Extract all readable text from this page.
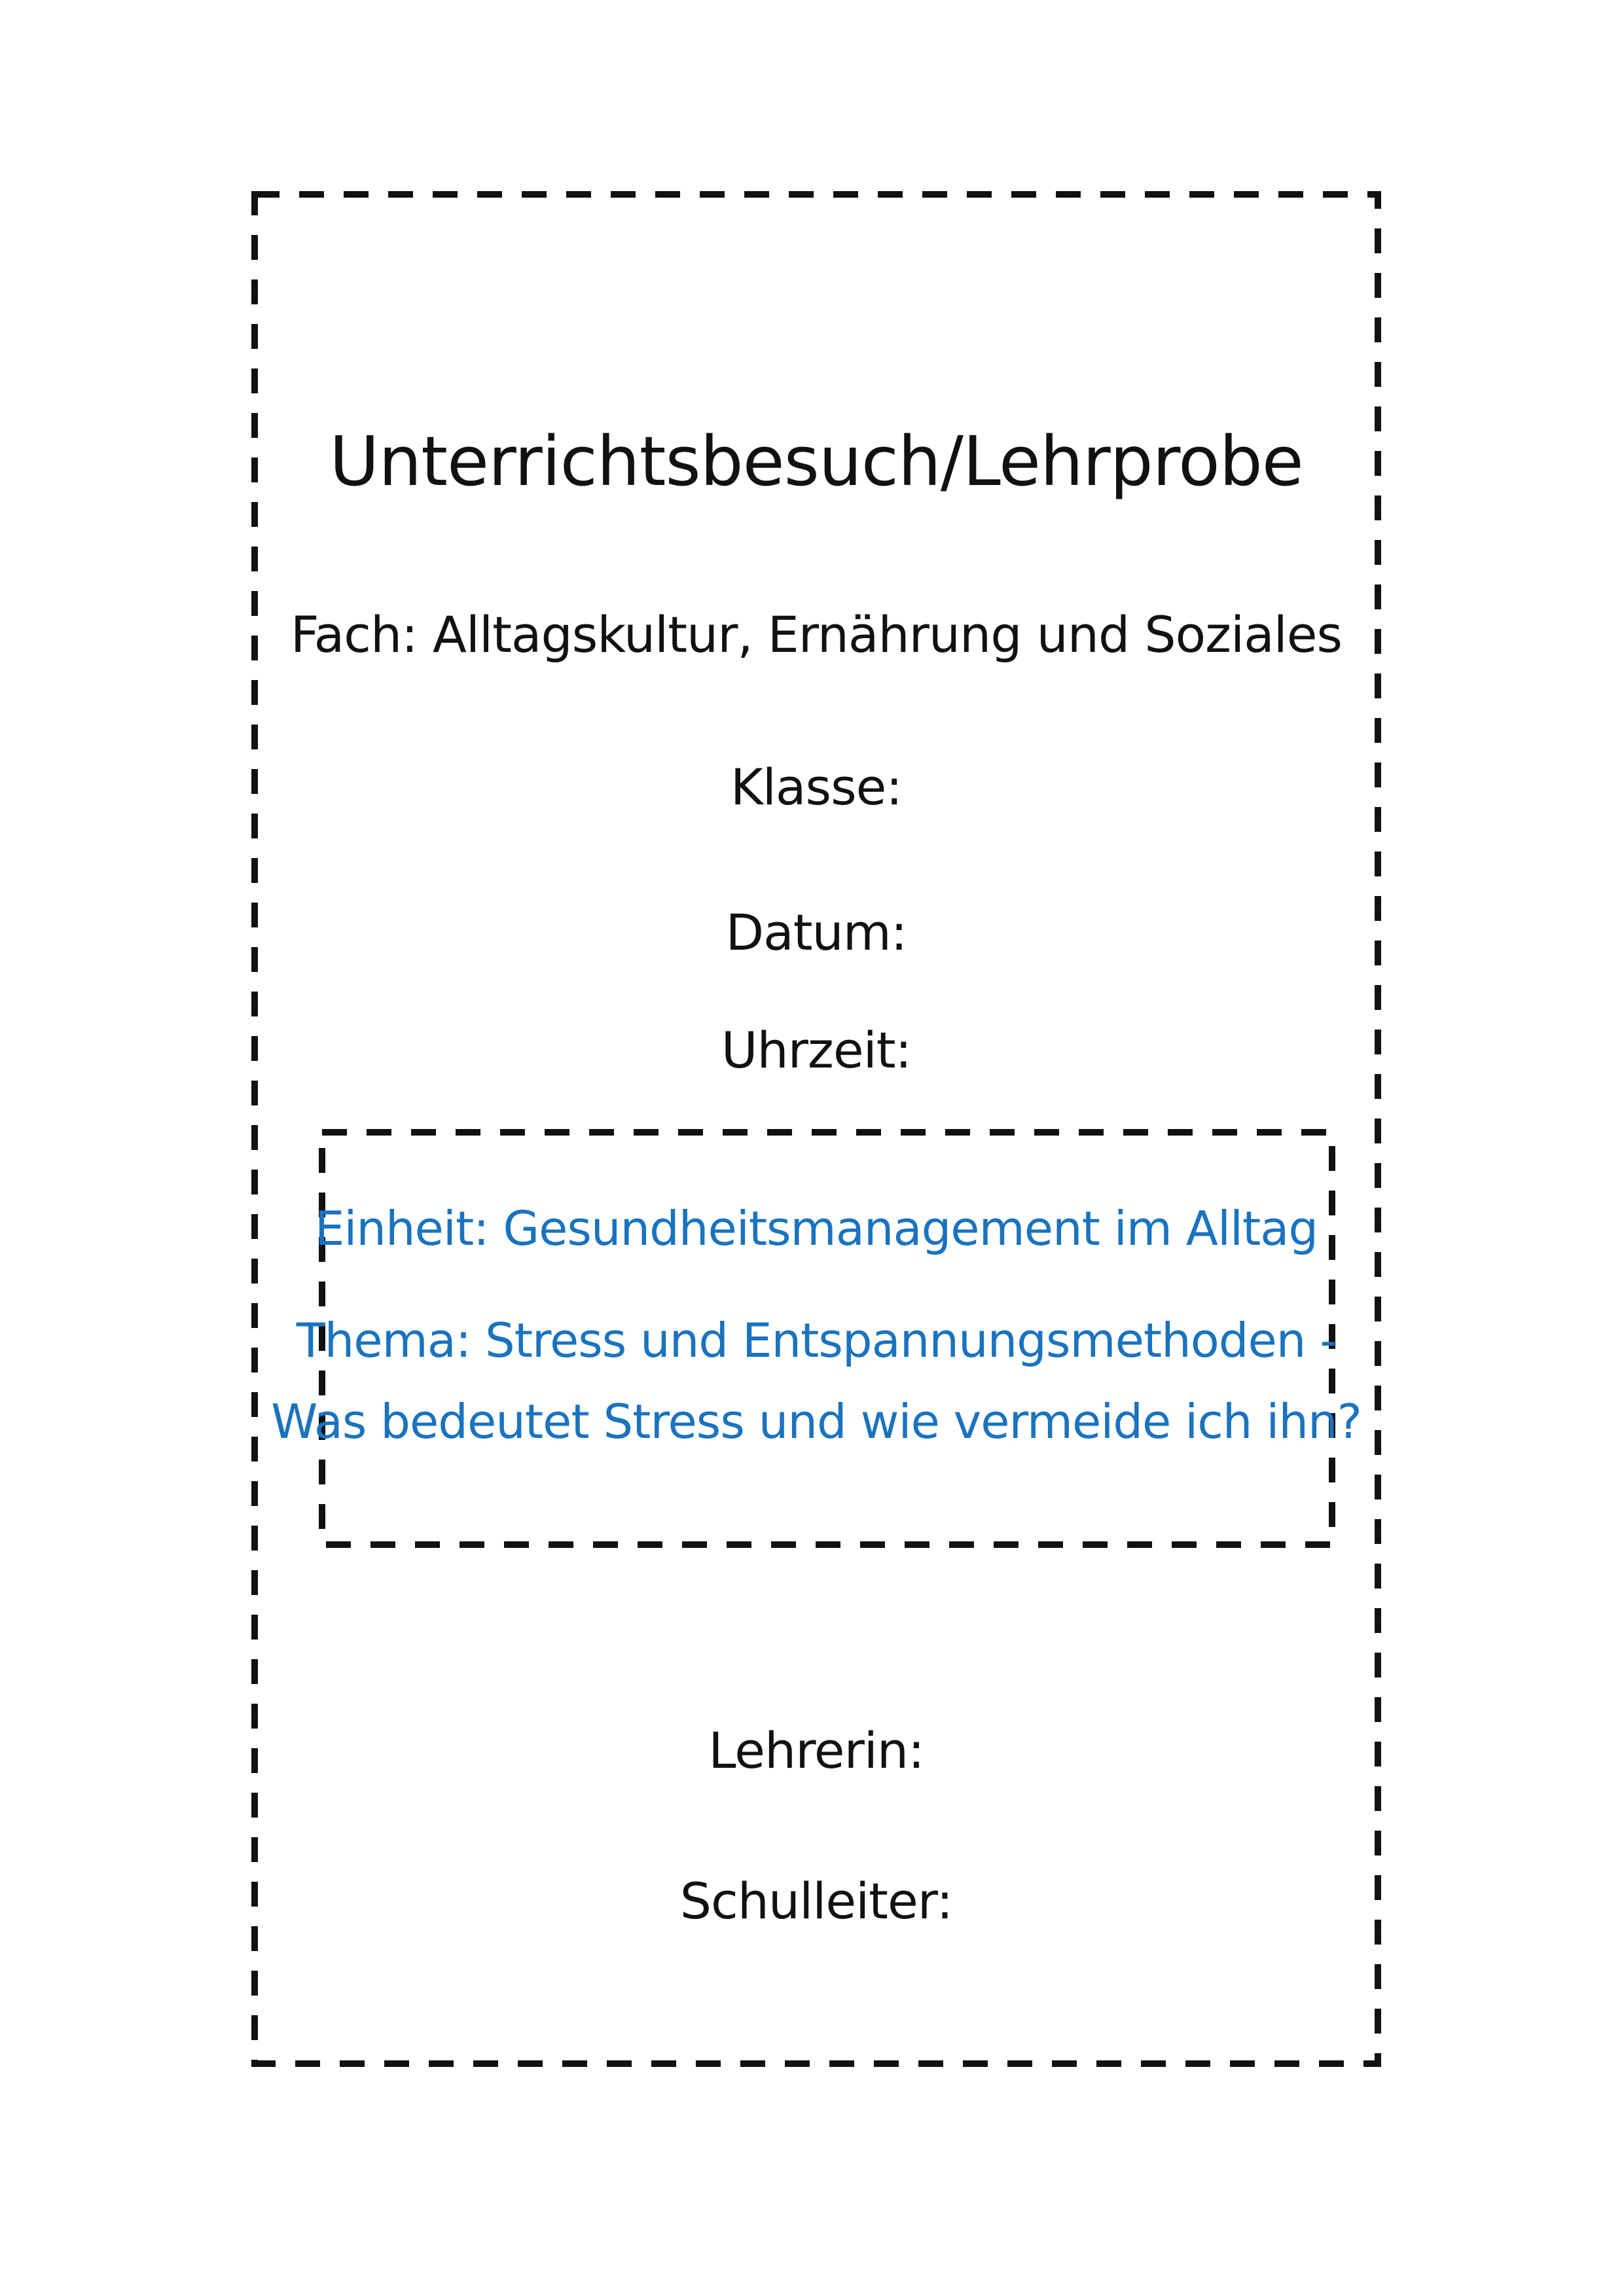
Unterrichtsbesuch/Lehrprobe
Fach: Alltagskultur, Ernährung und Soziales
Klasse:
Datum:
Uhrzeit:
Einheit: Gesundheitsmanagement im Alltag
Thema: Stress und Entspannungsmethoden -
Was bedeutet Stress und wie vermeide ich ihn?
Lehrerin:
Schulleiter:
